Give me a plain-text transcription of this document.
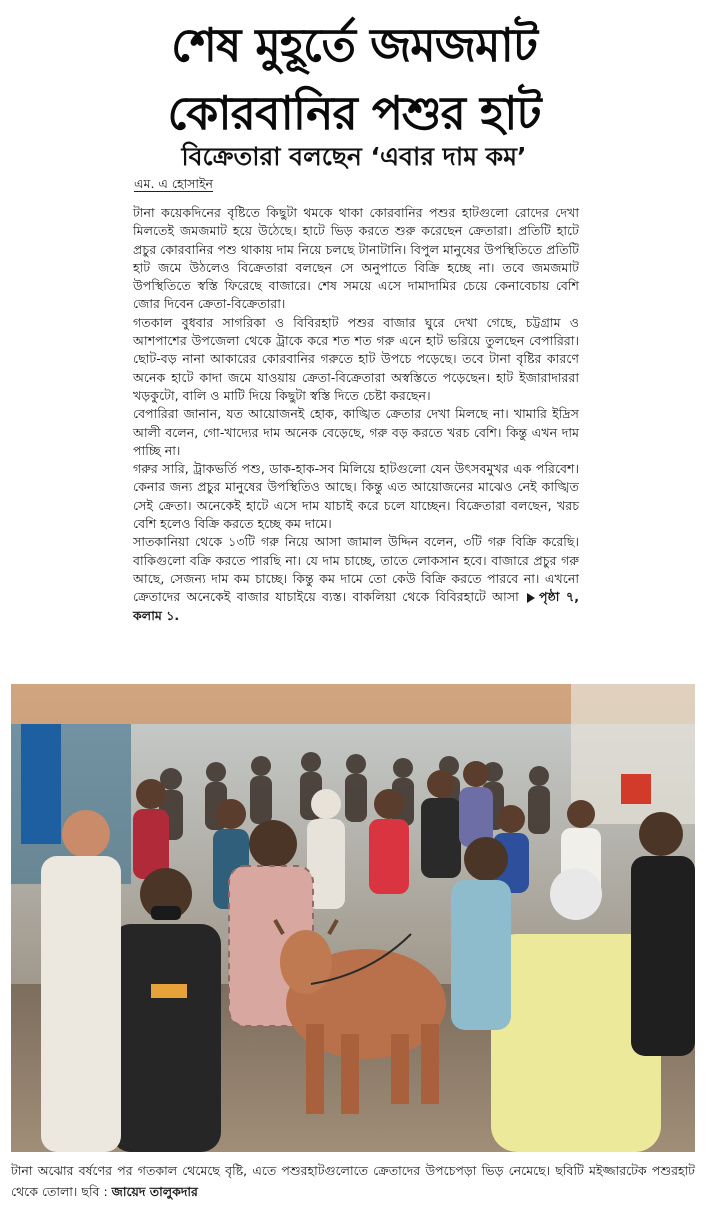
শেষ মুহূর্তে জমজমাট
কোরবানির পশুর হাট
বিক্রেতারা বলছেন ‘এবার দাম কম’
এম. এ হোসাইন

টানা কয়েকদিনের বৃষ্টিতে কিছুটা থমকে থাকা কোরবানির পশুর হাটগুলো রোদের দেখা মিলতেই জমজমাট হয়ে উঠেছে। হাটে ভিড় করতে শুরু করেছেন ক্রেতারা। প্রতিটি হাটে প্রচুর কোরবানির পশু থাকায় দাম নিয়ে চলছে টানাটানি। বিপুল মানুষের উপস্থিতিতে প্রতিটি হাট জমে উঠলেও বিক্রেতারা বলছেন সে অনুপাতে বিক্রি হচ্ছে না। তবে জমজমাট উপস্থিতিতে স্বস্তি ফিরেছে বাজারে। শেষ সময়ে এসে দামাদামির চেয়ে কেনাবেচায় বেশি জোর দিবেন ক্রেতা-বিক্রেতারা।

গতকাল বুধবার সাগরিকা ও বিবিরহাট পশুর বাজার ঘুরে দেখা গেছে, চট্টগ্রাম ও আশপাশের উপজেলা থেকে ট্রাকে করে শত শত গরু এনে হাট ভরিয়ে তুলছেন বেপারিরা। ছোট-বড় নানা আকারের কোরবানির গরুতে হাট উপচে পড়েছে। তবে টানা বৃষ্টির কারণে অনেক হাটে কাদা জমে যাওয়ায় ক্রেতা-বিক্রেতারা অস্বস্তিতে পড়েছেন। হাট ইজারাদাররা খড়কুটো, বালি ও মাটি দিয়ে কিছুটা স্বস্তি দিতে চেষ্টা করছেন।

বেপারিরা জানান, যত আয়োজনই হোক, কাঙ্খিত ক্রেতার দেখা মিলছে না। খামারি ইদ্রিস আলী বলেন, গো-খাদ্যের দাম অনেক বেড়েছে, গরু বড় করতে খরচ বেশি। কিন্তু এখন দাম পাচ্ছি না।

গরুর সারি, ট্রাকভর্তি পশু, ডাক-হাক-সব মিলিয়ে হাটগুলো যেন উৎসবমুখর এক পরিবেশ। কেনার জন্য প্রচুর মানুষের উপস্থিতিও আছে। কিন্তু এত আয়োজনের মাঝেও নেই কাঙ্খিত সেই ক্রেতা। অনেকেই হাটে এসে দাম যাচাই করে চলে যাচ্ছেন। বিক্রেতারা বলছেন, খরচ বেশি হলেও বিক্রি করতে হচ্ছে কম দামে।

সাতকানিয়া থেকে ১৩টি গরু নিয়ে আসা জামাল উদ্দিন বলেন, ৩টি গরু বিক্রি করেছি। বাকিগুলো বক্রি করতে পারছি না। যে দাম চাচ্ছে, তাতে লোকসান হবে। বাজারে প্রচুর গরু আছে, সেজন্য দাম কম চাচ্ছে। কিন্তু কম দামে তো কেউ বিক্রি করতে পারবে না। এখনো ক্রেতাদের অনেকেই বাজার যাচাইয়ে ব্যস্ত। বাকলিয়া থেকে বিবিরহাটে আসা পৃষ্ঠা ৭, কলাম ১.

টানা অঝোর বর্ষণের পর গতকাল থেমেছে বৃষ্টি, এতে পশুরহাটগুলোতে ক্রেতাদের উপচেপড়া ভিড় নেমেছে। ছবিটি মইজ্জারটেক পশুরহাট থেকে তোলা। ছবি : জায়েদ তালুকদার
